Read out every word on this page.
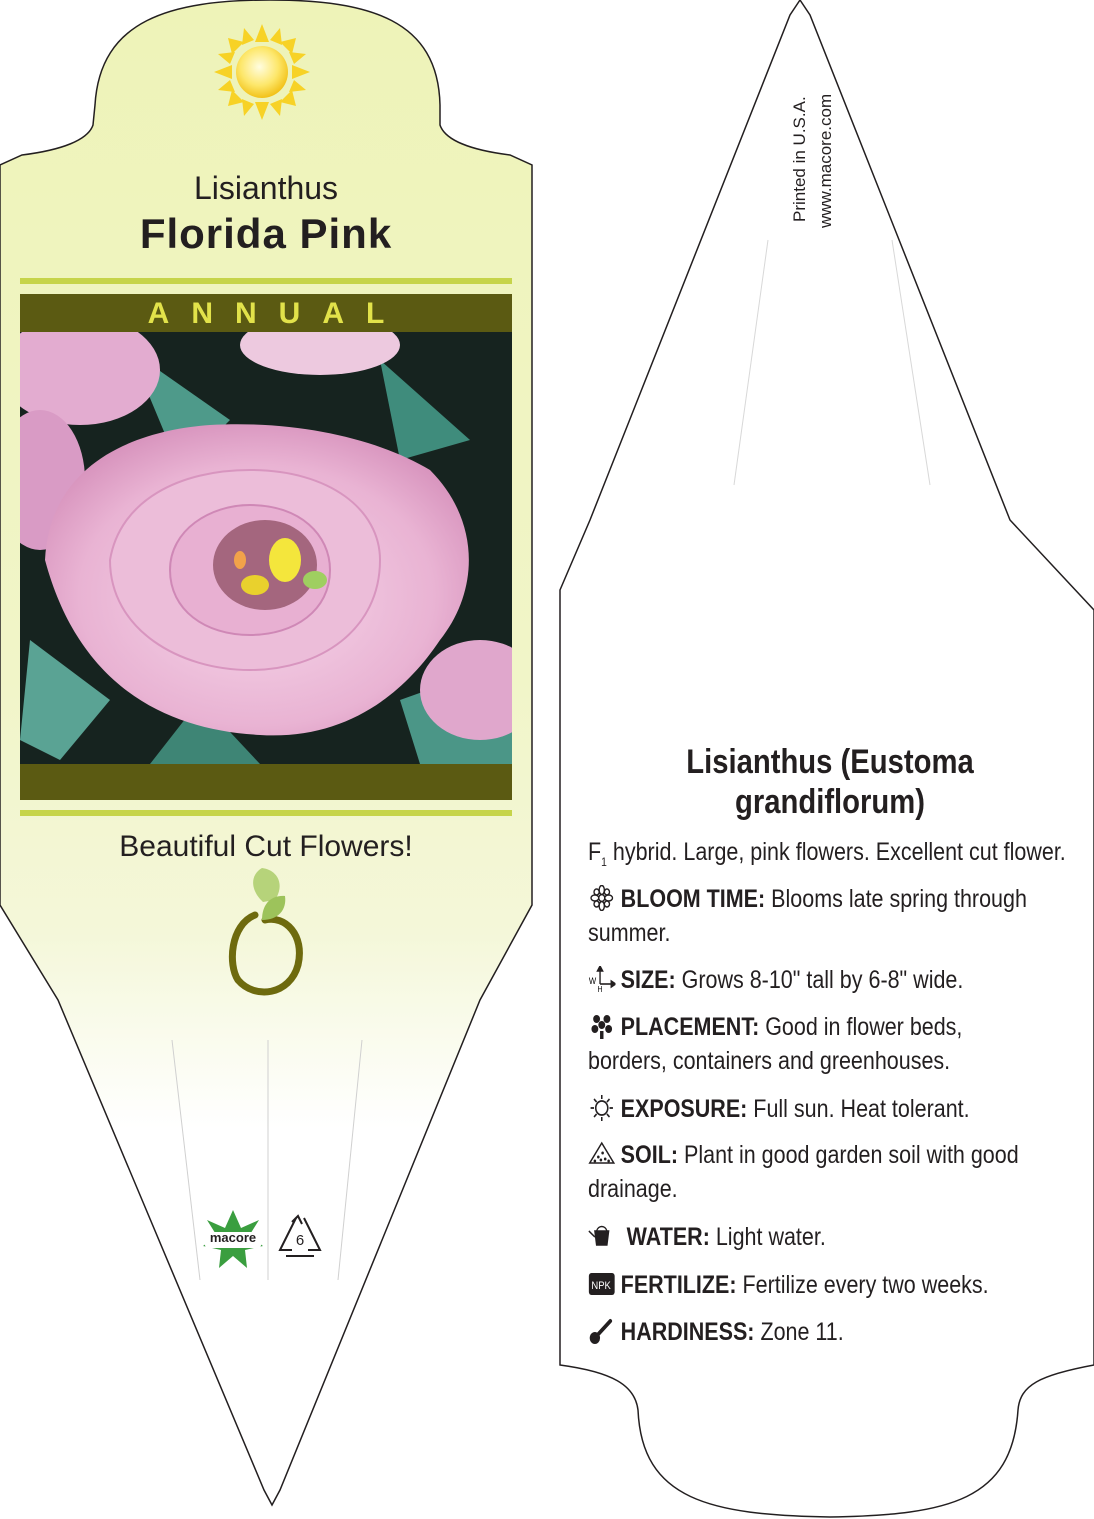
Lisianthus
Florida Pink
ANNUAL
Beautiful Cut Flowers!
macore	6
Printed in U.S.A. www.macore.com
Lisianthus (Eustoma grandiflorum)
$F_1$ hybrid. Large, pink flowers. Excellent cut flower.
BLOOM TIME: Blooms late spring through summer.
W
H SIZE: Grows 8-10" tall by 6-8" wide.
PLACEMENT: Good in flower beds, borders, containers and greenhouses.
EXPOSURE: Full sun. Heat tolerant.
SOIL: Plant in good garden soil with good drainage.
WATER: Light water.
NPK FERTILIZE: Fertilize every two weeks.
HARDINESS: Zone 11.
